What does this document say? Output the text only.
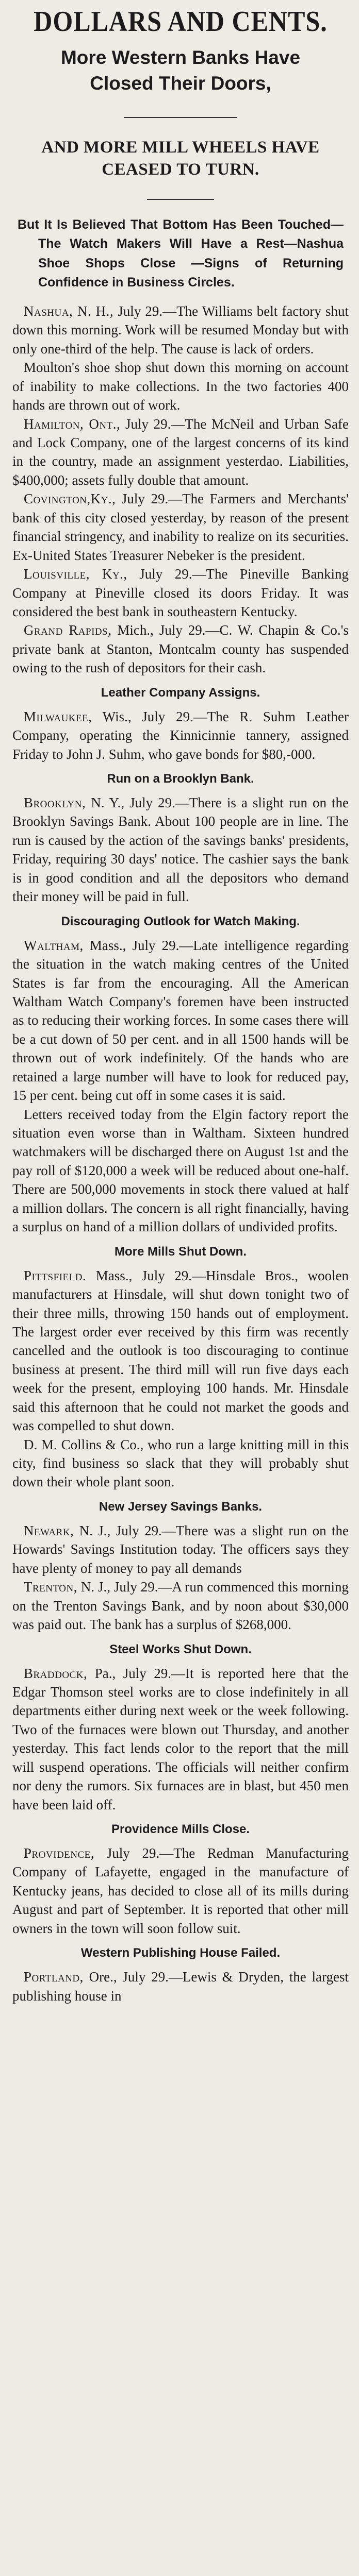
DOLLARS AND CENTS.
More Western Banks Have Closed Their Doors,
AND MORE MILL WHEELS HAVE CEASED TO TURN.

But It Is Believed That Bottom Has Been Touched—The Watch Makers Will Have a Rest—Nashua Shoe Shops Close —Signs of Returning Confidence in Business Circles.

Nashua, N. H., July 29.—The Williams belt factory shut down this morning. Work will be resumed Monday but with only one-third of the help. The cause is lack of orders.

Moulton's shoe shop shut down this morning on account of inability to make collections. In the two factories 400 hands are thrown out of work.

Hamilton, Ont., July 29.—The McNeil and Urban Safe and Lock Company, one of the largest concerns of its kind in the country, made an assignment yesterdao. Liabilities, $400,000; assets fully double that amount.

Covington,Ky., July 29.—The Farmers and Merchants' bank of this city closed yesterday, by reason of the present financial stringency, and inability to realize on its securities. Ex-United States Treasurer Nebeker is the president.

Louisville, Ky., July 29.—The Pineville Banking Company at Pineville closed its doors Friday. It was considered the best bank in southeastern Kentucky.

Grand Rapids, Mich., July 29.—C. W. Chapin & Co.'s private bank at Stanton, Montcalm county has suspended owing to the rush of depositors for their cash.

Leather Company Assigns.

Milwaukee, Wis., July 29.—The R. Suhm Leather Company, operating the Kinnicinnie tannery, assigned Friday to John J. Suhm, who gave bonds for $80,-000.

Run on a Brooklyn Bank.

Brooklyn, N. Y., July 29.—There is a slight run on the Brooklyn Savings Bank. About 100 people are in line. The run is caused by the action of the savings banks' presidents, Friday, requiring 30 days' notice. The cashier says the bank is in good condition and all the depositors who demand their money will be paid in full.

Discouraging Outlook for Watch Making.

Waltham, Mass., July 29.—Late intelligence regarding the situation in the watch making centres of the United States is far from the encouraging. All the American Waltham Watch Company's foremen have been instructed as to reducing their working forces. In some cases there will be a cut down of 50 per cent. and in all 1500 hands will be thrown out of work indefinitely. Of the hands who are retained a large number will have to look for reduced pay, 15 per cent. being cut off in some cases it is said.

Letters received today from the Elgin factory report the situation even worse than in Waltham. Sixteen hundred watchmakers will be discharged there on August 1st and the pay roll of $120,000 a week will be reduced about one-half. There are 500,000 movements in stock there valued at half a million dollars. The concern is all right financially, having a surplus on hand of a million dollars of undivided profits.

More Mills Shut Down.

Pittsfield. Mass., July 29.—Hinsdale Bros., woolen manufacturers at Hinsdale, will shut down tonight two of their three mills, throwing 150 hands out of employment. The largest order ever received by this firm was recently cancelled and the outlook is too discouraging to continue business at present. The third mill will run five days each week for the present, employing 100 hands. Mr. Hinsdale said this afternoon that he could not market the goods and was compelled to shut down.

D. M. Collins & Co., who run a large knitting mill in this city, find business so slack that they will probably shut down their whole plant soon.

New Jersey Savings Banks.

Newark, N. J., July 29.—There was a slight run on the Howards' Savings Institution today. The officers says they have plenty of money to pay all demands

Trenton, N. J., July 29.—A run commenced this morning on the Trenton Savings Bank, and by noon about $30,000 was paid out. The bank has a surplus of $268,000.

Steel Works Shut Down.

Braddock, Pa., July 29.—It is reported here that the Edgar Thomson steel works are to close indefinitely in all departments either during next week or the week following. Two of the furnaces were blown out Thursday, and another yesterday. This fact lends color to the report that the mill will suspend operations. The officials will neither confirm nor deny the rumors. Six furnaces are in blast, but 450 men have been laid off.

Providence Mills Close.

Providence, July 29.—The Redman Manufacturing Company of Lafayette, engaged in the manufacture of Kentucky jeans, has decided to close all of its mills during August and part of September. It is reported that other mill owners in the town will soon follow suit.

Western Publishing House Failed.

Portland, Ore., July 29.—Lewis & Dryden, the largest publishing house in
